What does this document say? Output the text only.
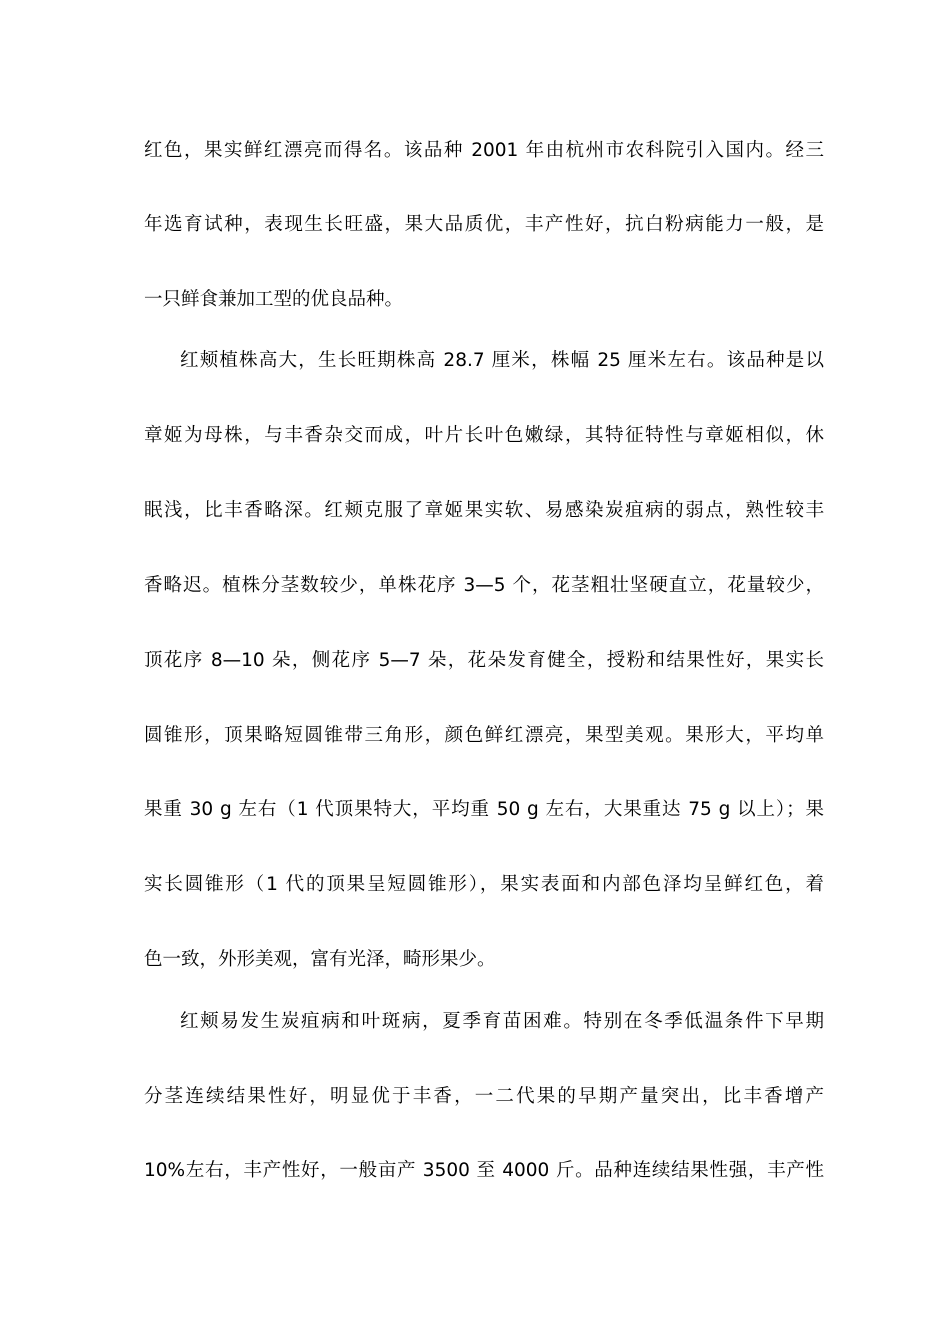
红色，果实鲜红漂亮而得名。该品种 2001 年由杭州市农科院引入国内。经三
年选育试种，表现生长旺盛，果大品质优，丰产性好，抗白粉病能力一般，是
一只鲜食兼加工型的优良品种。
红颊植株高大，生长旺期株高 28.7 厘米，株幅 25 厘米左右。该品种是以
章姬为母株，与丰香杂交而成，叶片长叶色嫩绿，其特征特性与章姬相似，休
眠浅，比丰香略深。红颊克服了章姬果实软、易感染炭疽病的弱点，熟性较丰
香略迟。植株分茎数较少，单株花序 3—5 个，花茎粗壮坚硬直立，花量较少，
顶花序 8—10 朵，侧花序 5—7 朵，花朵发育健全，授粉和结果性好，果实长
圆锥形，顶果略短圆锥带三角形，颜色鲜红漂亮，果型美观。果形大，平均单
果重 30 g 左右（1 代顶果特大，平均重 50 g 左右，大果重达 75 g 以上）；果
实长圆锥形（1 代的顶果呈短圆锥形），果实表面和内部色泽均呈鲜红色，着
色一致，外形美观，富有光泽，畸形果少。
红颊易发生炭疽病和叶斑病，夏季育苗困难。特别在冬季低温条件下早期
分茎连续结果性好，明显优于丰香，一二代果的早期产量突出，比丰香增产
10%左右，丰产性好，一般亩产 3500 至 4000 斤。品种连续结果性强，丰产性
